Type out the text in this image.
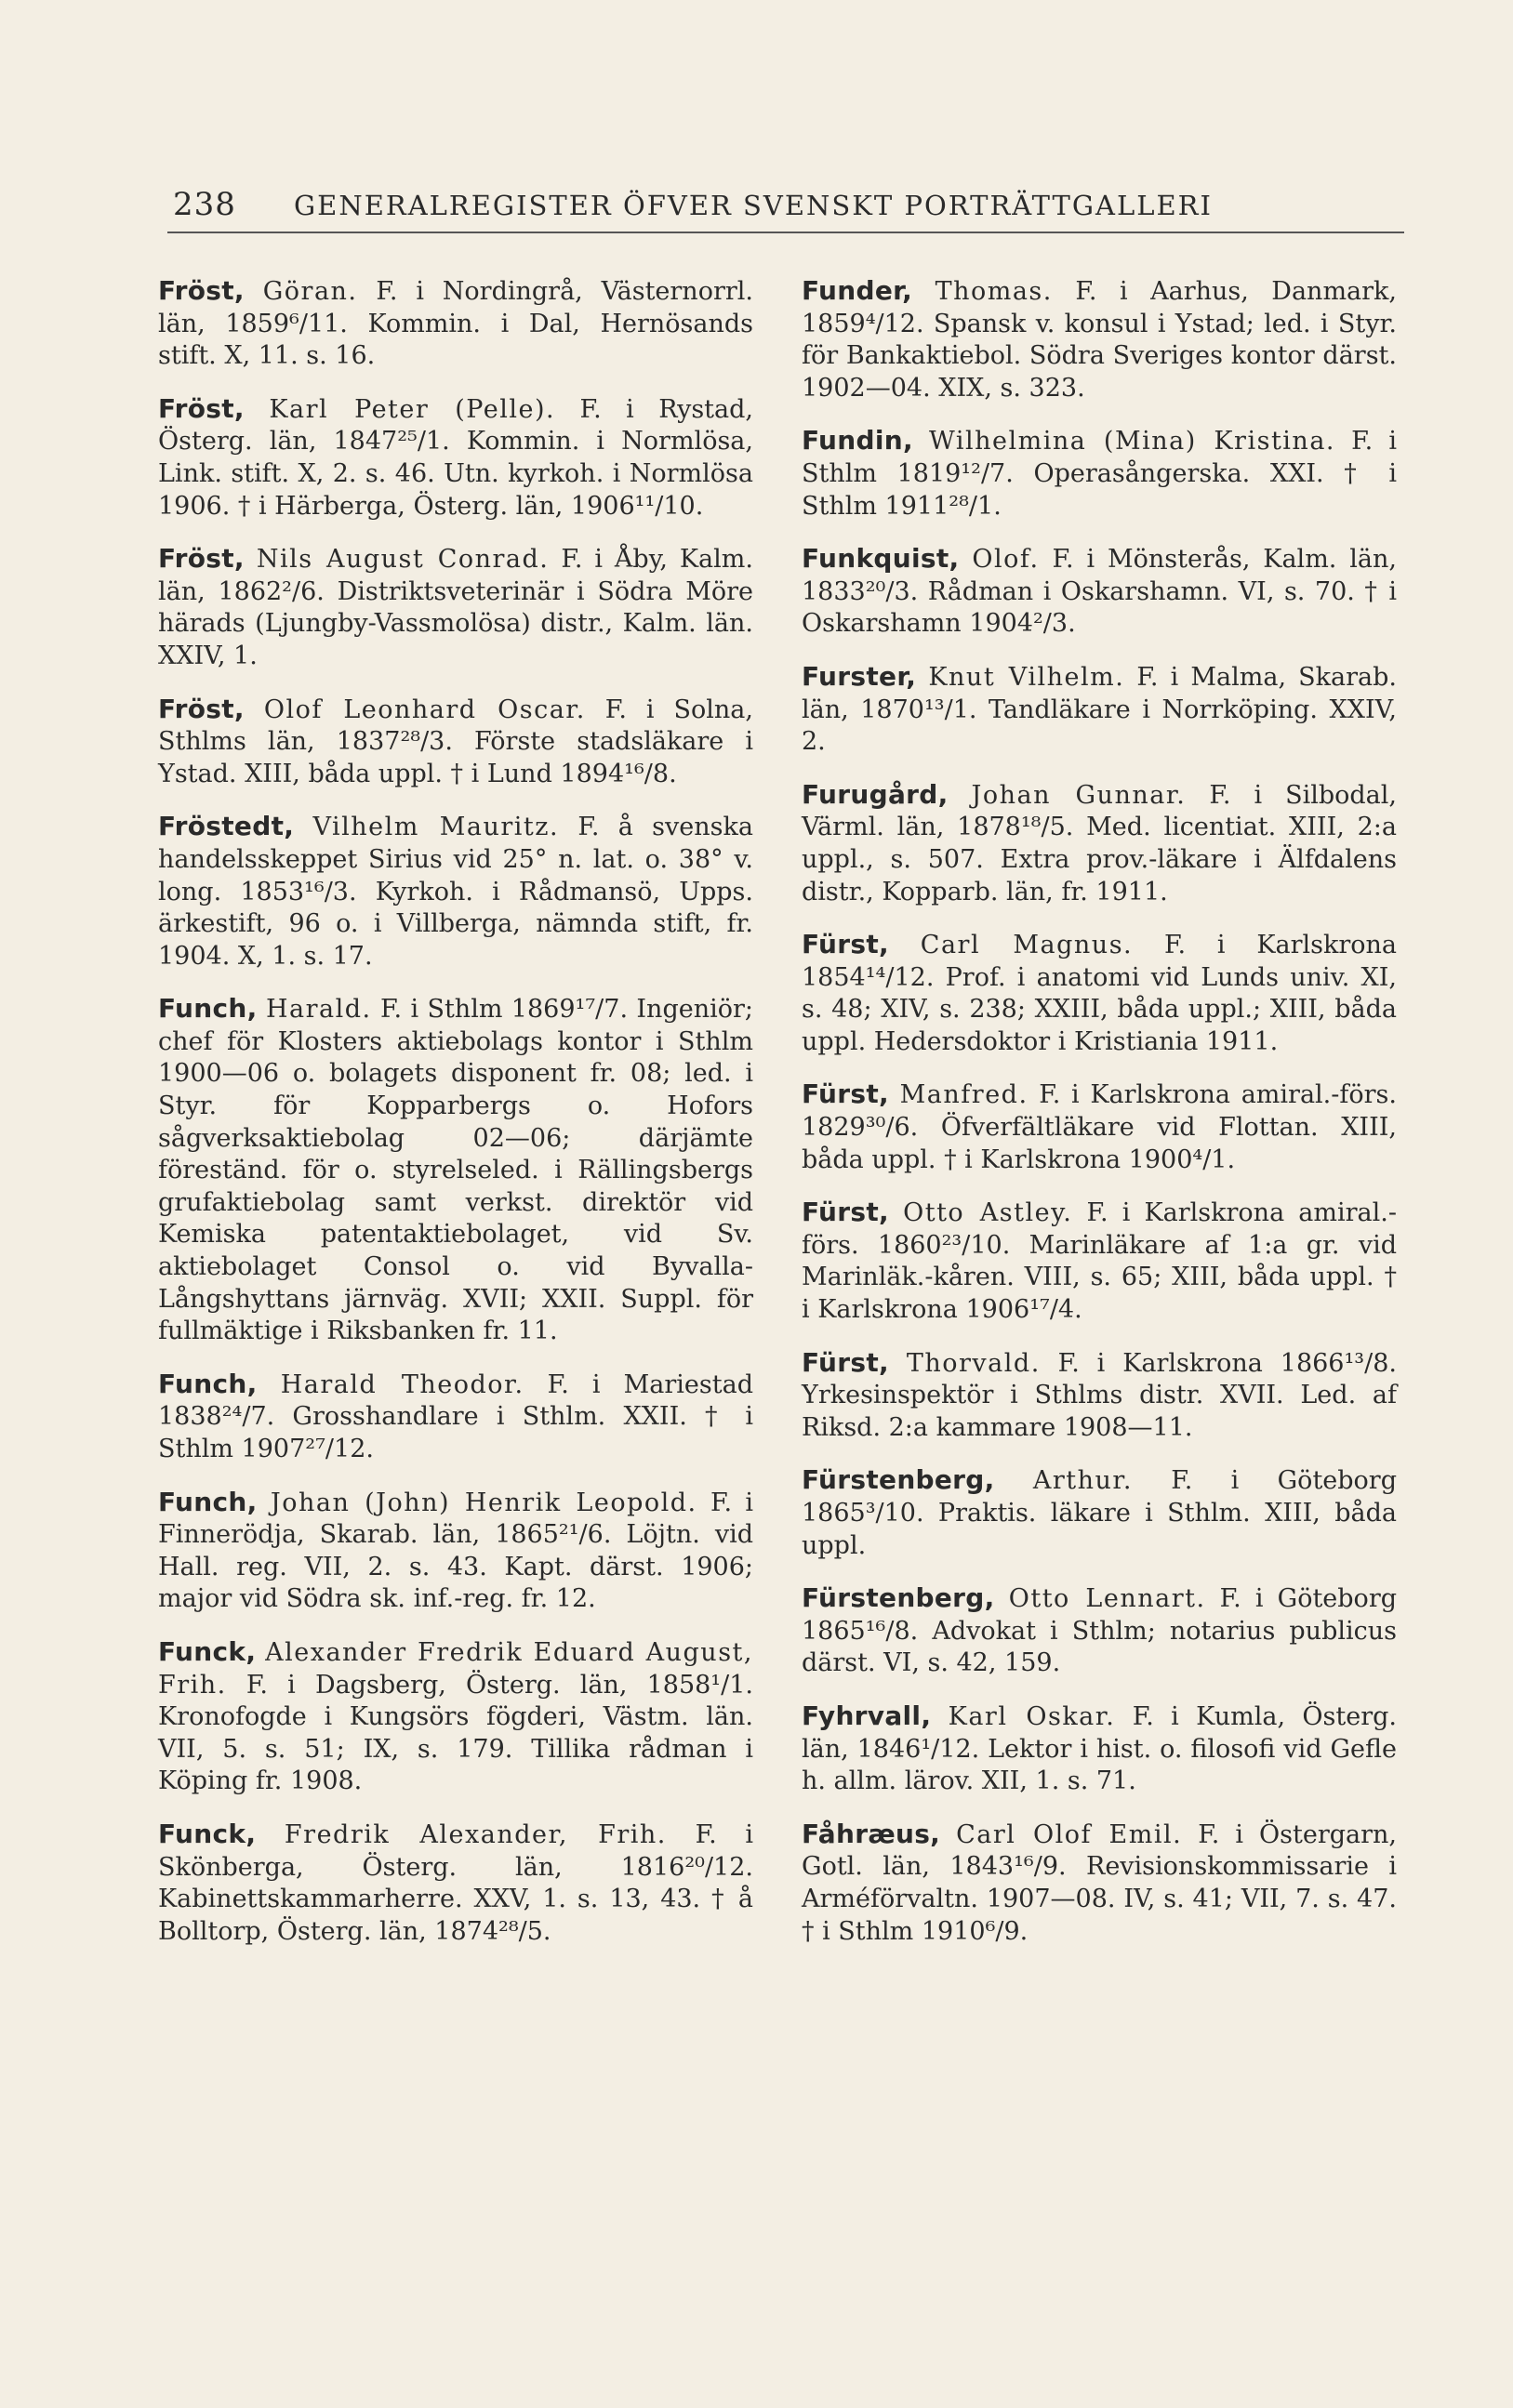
238 GENERALREGISTER ÖFVER SVENSKT PORTRÄTTGALLERI
Fröst, Göran. F. i Nordingrå, Västernorrl. län, 1859⁶/11. Kommin. i Dal, Hernösands stift. X, 11. s. 16.
Fröst, Karl Peter (Pelle). F. i Rystad, Österg. län, 1847²⁵/1. Kommin. i Normlösa, Link. stift. X, 2. s. 46. Utn. kyrkoh. i Normlösa 1906. † i Härberga, Österg. län, 1906¹¹/10.
Fröst, Nils August Conrad. F. i Åby, Kalm. län, 1862²/6. Distriktsveterinär i Södra Möre härads (Ljungby-Vassmolösa) distr., Kalm. län. XXIV, 1.
Fröst, Olof Leonhard Oscar. F. i Solna, Sthlms län, 1837²⁸/3. Förste stadsläkare i Ystad. XIII, båda uppl. † i Lund 1894¹⁶/8.
Fröstedt, Vilhelm Mauritz. F. å svenska handelsskeppet Sirius vid 25° n. lat. o. 38° v. long. 1853¹⁶/3. Kyrkoh. i Rådmansö, Upps. ärkestift, 96 o. i Villberga, nämnda stift, fr. 1904. X, 1. s. 17.
Funch, Harald. F. i Sthlm 1869¹⁷/7. Ingeniör; chef för Klosters aktiebolags kontor i Sthlm 1900—06 o. bolagets disponent fr. 08; led. i Styr. för Kopparbergs o. Hofors sågverksaktiebolag 02—06; därjämte föreständ. för o. styrelseled. i Rällingsbergs grufaktiebolag samt verkst. direktör vid Kemiska patentaktiebolaget, vid Sv. aktiebolaget Consol o. vid Byvalla-Långshyttans järnväg. XVII; XXII. Suppl. för fullmäktige i Riksbanken fr. 11.
Funch, Harald Theodor. F. i Mariestad 1838²⁴/7. Grosshandlare i Sthlm. XXII. † i Sthlm 1907²⁷/12.
Funch, Johan (John) Henrik Leopold. F. i Finnerödja, Skarab. län, 1865²¹/6. Löjtn. vid Hall. reg. VII, 2. s. 43. Kapt. därst. 1906; major vid Södra sk. inf.-reg. fr. 12.
Funck, Alexander Fredrik Eduard August, Frih. F. i Dagsberg, Österg. län, 1858¹/1. Kronofogde i Kungsörs fögderi, Västm. län. VII, 5. s. 51; IX, s. 179. Tillika rådman i Köping fr. 1908.
Funck, Fredrik Alexander, Frih. F. i Skönberga, Österg. län, 1816²⁰/12. Kabinettskammarherre. XXV, 1. s. 13, 43. † å Bolltorp, Österg. län, 1874²⁸/5.
Funder, Thomas. F. i Aarhus, Danmark, 1859⁴/12. Spansk v. konsul i Ystad; led. i Styr. för Bankaktiebol. Södra Sveriges kontor därst. 1902—04. XIX, s. 323.
Fundin, Wilhelmina (Mina) Kristina. F. i Sthlm 1819¹²/7. Operasångerska. XXI. † i Sthlm 1911²⁸/1.
Funkquist, Olof. F. i Mönsterås, Kalm. län, 1833²⁰/3. Rådman i Oskarshamn. VI, s. 70. † i Oskarshamn 1904²/3.
Furster, Knut Vilhelm. F. i Malma, Skarab. län, 1870¹³/1. Tandläkare i Norrköping. XXIV, 2.
Furugård, Johan Gunnar. F. i Silbodal, Värml. län, 1878¹⁸/5. Med. licentiat. XIII, 2:a uppl., s. 507. Extra prov.-läkare i Älfdalens distr., Kopparb. län, fr. 1911.
Fürst, Carl Magnus. F. i Karlskrona 1854¹⁴/12. Prof. i anatomi vid Lunds univ. XI, s. 48; XIV, s. 238; XXIII, båda uppl.; XIII, båda uppl. Hedersdoktor i Kristiania 1911.
Fürst, Manfred. F. i Karlskrona amiral.-förs. 1829³⁰/6. Öfverfältläkare vid Flottan. XIII, båda uppl. † i Karlskrona 1900⁴/1.
Fürst, Otto Astley. F. i Karlskrona amiral.-förs. 1860²³/10. Marinläkare af 1:a gr. vid Marinläk.-kåren. VIII, s. 65; XIII, båda uppl. † i Karlskrona 1906¹⁷/4.
Fürst, Thorvald. F. i Karlskrona 1866¹³/8. Yrkesinspektör i Sthlms distr. XVII. Led. af Riksd. 2:a kammare 1908—11.
Fürstenberg, Arthur. F. i Göteborg 1865³/10. Praktis. läkare i Sthlm. XIII, båda uppl.
Fürstenberg, Otto Lennart. F. i Göteborg 1865¹⁶/8. Advokat i Sthlm; notarius publicus därst. VI, s. 42, 159.
Fyhrvall, Karl Oskar. F. i Kumla, Österg. län, 1846¹/12. Lektor i hist. o. filosofi vid Gefle h. allm. lärov. XII, 1. s. 71.
Fåhræus, Carl Olof Emil. F. i Östergarn, Gotl. län, 1843¹⁶/9. Revisionskommissarie i Arméförvaltn. 1907—08. IV, s. 41; VII, 7. s. 47. † i Sthlm 1910⁶/9.
